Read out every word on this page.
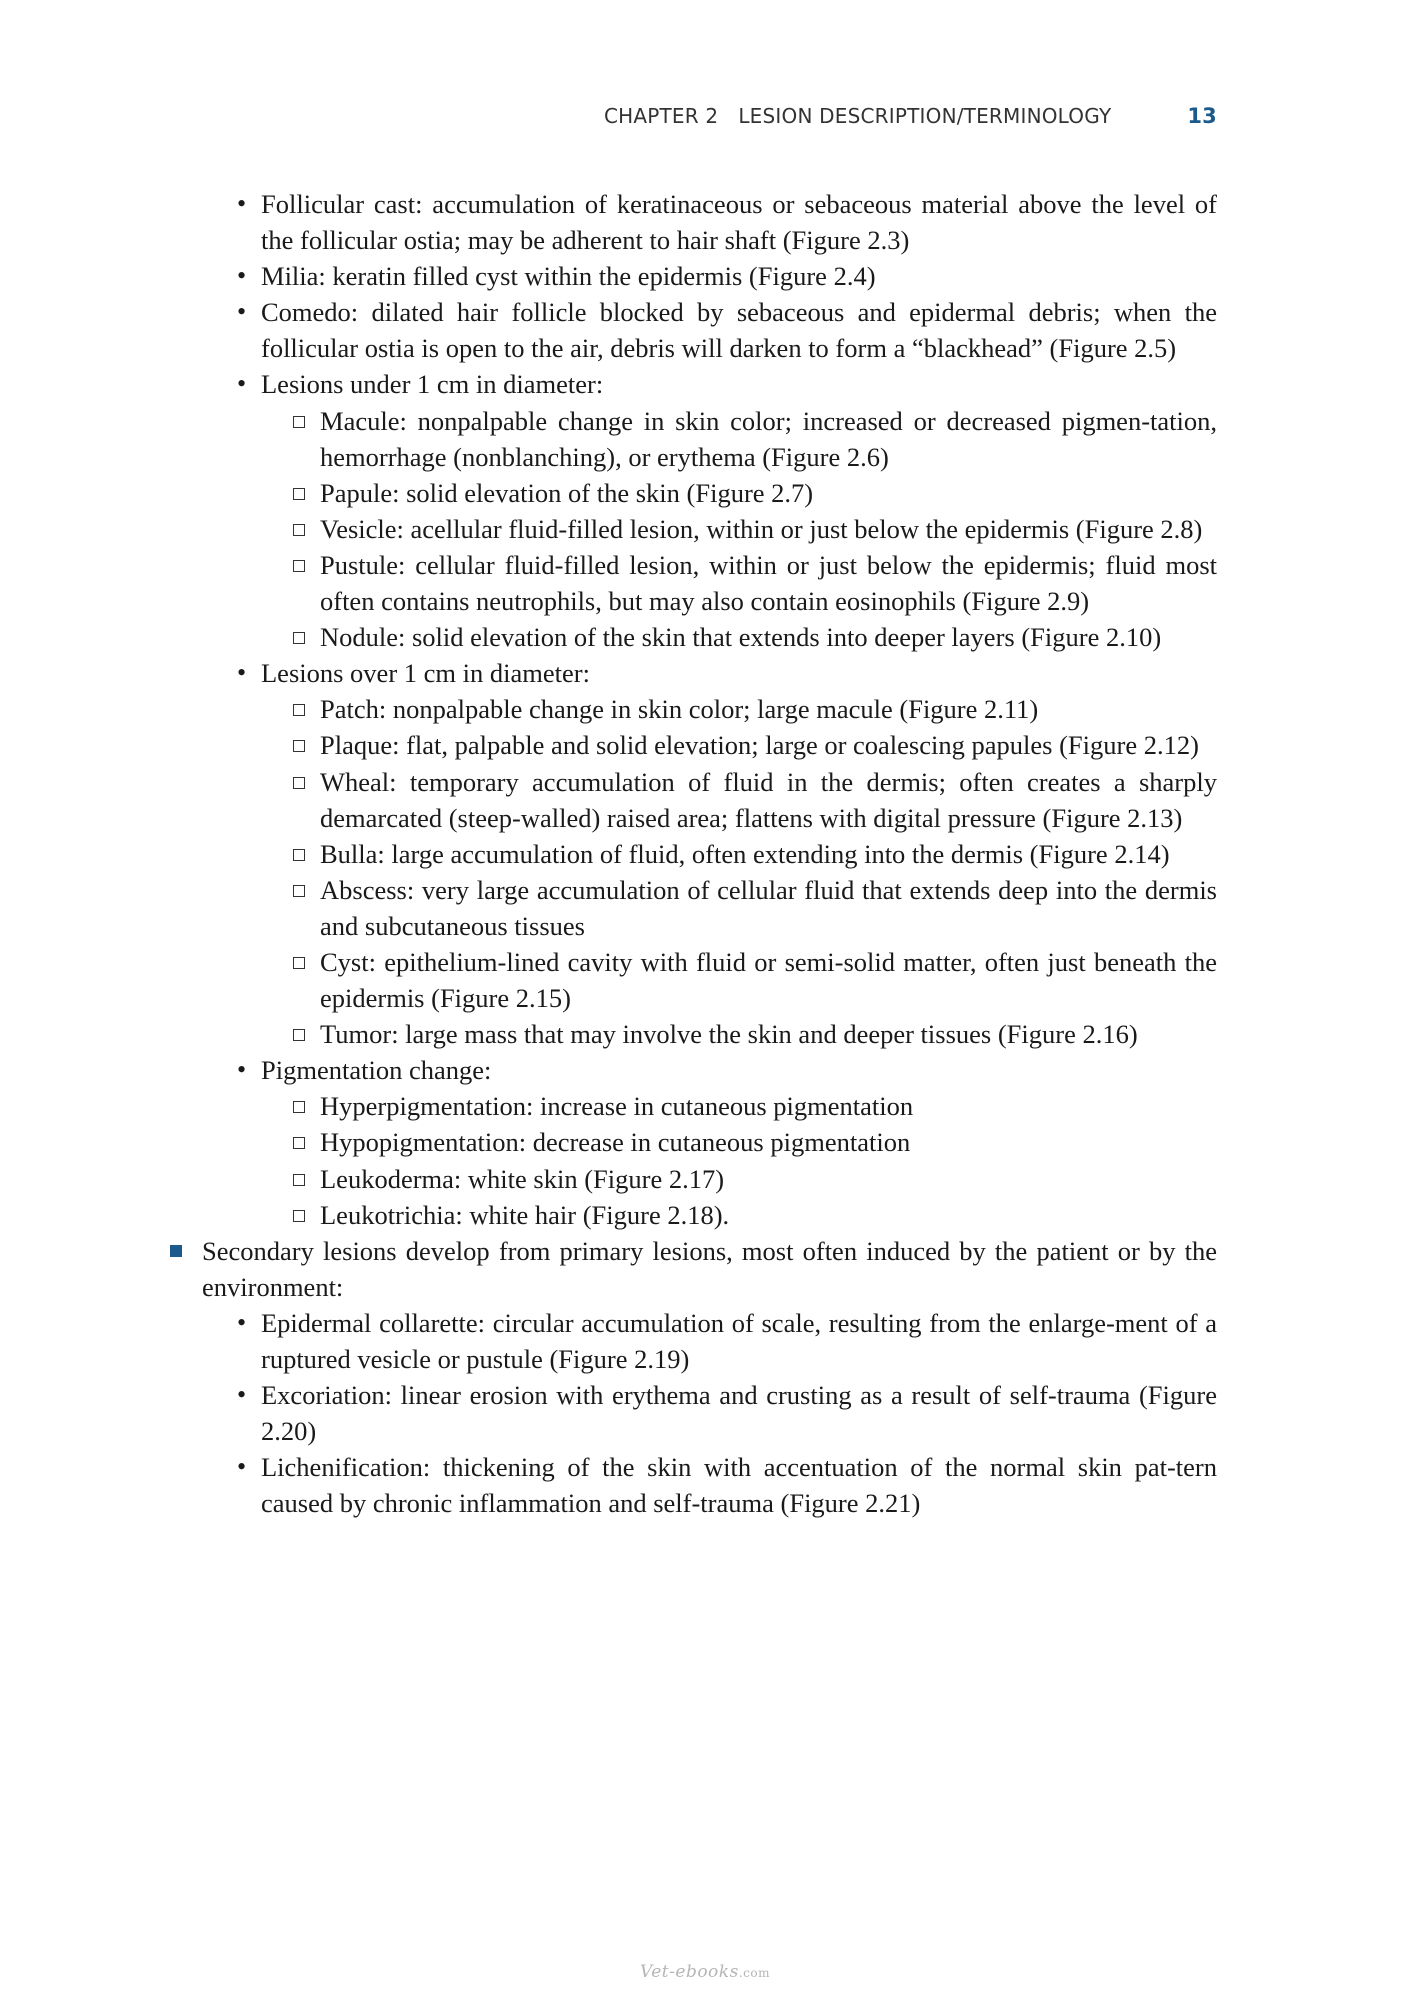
CHAPTER 2 LESION DESCRIPTION/TERMINOLOGY	13
• Follicular cast: accumulation of keratinaceous or sebaceous material above the level of the follicular ostia; may be adherent to hair shaft (Figure 2.3)
• Milia: keratin filled cyst within the epidermis (Figure 2.4)
• Comedo: dilated hair follicle blocked by sebaceous and epidermal debris; when the follicular ostia is open to the air, debris will darken to form a “blackhead” (Figure 2.5)
• Lesions under 1 cm in diameter:
Macule: nonpalpable change in skin color; increased or decreased pigmen-tation, hemorrhage (nonblanching), or erythema (Figure 2.6)
Papule: solid elevation of the skin (Figure 2.7)
Vesicle: acellular fluid-filled lesion, within or just below the epidermis (Figure 2.8)
Pustule: cellular fluid-filled lesion, within or just below the epidermis; fluid most often contains neutrophils, but may also contain eosinophils (Figure 2.9)
Nodule: solid elevation of the skin that extends into deeper layers (Figure 2.10)
• Lesions over 1 cm in diameter:
Patch: nonpalpable change in skin color; large macule (Figure 2.11)
Plaque: flat, palpable and solid elevation; large or coalescing papules (Figure 2.12)
Wheal: temporary accumulation of fluid in the dermis; often creates a sharply demarcated (steep-walled) raised area; flattens with digital pressure (Figure 2.13)
Bulla: large accumulation of fluid, often extending into the dermis (Figure 2.14)
Abscess: very large accumulation of cellular fluid that extends deep into the dermis and subcutaneous tissues
Cyst: epithelium-lined cavity with fluid or semi-solid matter, often just beneath the epidermis (Figure 2.15)
Tumor: large mass that may involve the skin and deeper tissues (Figure 2.16)
• Pigmentation change:
Hyperpigmentation: increase in cutaneous pigmentation
Hypopigmentation: decrease in cutaneous pigmentation
Leukoderma: white skin (Figure 2.17)
Leukotrichia: white hair (Figure 2.18).
Secondary lesions develop from primary lesions, most often induced by the patient or by the environment:
• Epidermal collarette: circular accumulation of scale, resulting from the enlarge-ment of a ruptured vesicle or pustule (Figure 2.19)
• Excoriation: linear erosion with erythema and crusting as a result of self-trauma (Figure 2.20)
• Lichenification: thickening of the skin with accentuation of the normal skin pat-tern caused by chronic inflammation and self-trauma (Figure 2.21)
Vet-ebooks.com
